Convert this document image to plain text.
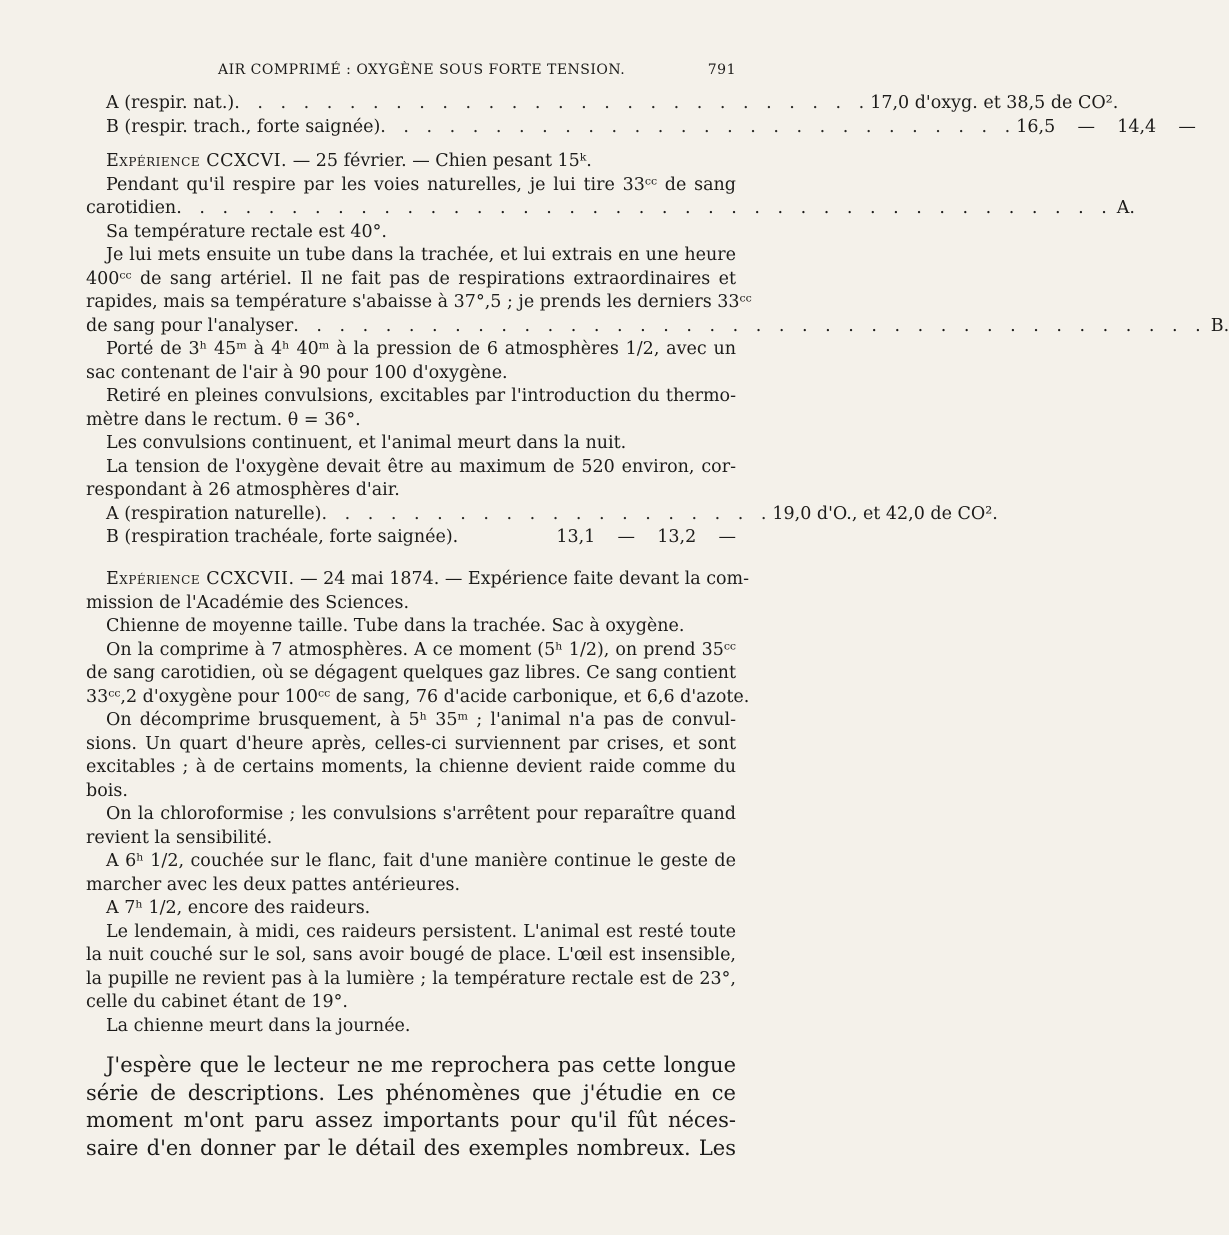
AIR COMPRIMÉ : OXYGÈNE SOUS FORTE TENSION.	791
A (respir. nat.) . . . . . . . . . . . . . . . . . . . . . . . . . . . . 17,0 d'oxyg. et 38,5 de CO².
B (respir. trach., forte saignée) . . . . . . . . . . . . . . . . . . . . . . . . . . . . 16,5    —    14,4    —
Expérience CCXCVI. — 25 février. — Chien pesant 15ᵏ.
Pendant qu'il respire par les voies naturelles, je lui tire 33ᶜᶜ de sang
carotidien . . . . . . . . . . . . . . . . . . . . . . . . . . . . . . . . . . . . . . . . . A.
Sa température rectale est 40°.
Je lui mets ensuite un tube dans la trachée, et lui extrais en une heure
400ᶜᶜ de sang artériel. Il ne fait pas de respirations extraordinaires et
rapides, mais sa température s'abaisse à 37°,5 ; je prends les derniers 33ᶜᶜ
de sang pour l'analyser . . . . . . . . . . . . . . . . . . . . . . . . . . . . . . . . . . . . . . . . B.
Porté de 3ʰ 45ᵐ à 4ʰ 40ᵐ à la pression de 6 atmosphères 1/2, avec un
sac contenant de l'air à 90 pour 100 d'oxygène.
Retiré en pleines convulsions, excitables par l'introduction du thermo-
mètre dans le rectum. θ = 36°.
Les convulsions continuent, et l'animal meurt dans la nuit.
La tension de l'oxygène devait être au maximum de 520 environ, cor-
respondant à 26 atmosphères d'air.
A (respiration naturelle) . . . . . . . . . . . . . . . . . . . . 19,0 d'O., et 42,0 de CO².
B (respiration trachéale, forte saignée).	13,1    —    13,2    —
Expérience CCXCVII. — 24 mai 1874. — Expérience faite devant la com-
mission de l'Académie des Sciences.
Chienne de moyenne taille. Tube dans la trachée. Sac à oxygène.
On la comprime à 7 atmosphères. A ce moment (5ʰ 1/2), on prend 35ᶜᶜ
de sang carotidien, où se dégagent quelques gaz libres. Ce sang contient
33ᶜᶜ,2 d'oxygène pour 100ᶜᶜ de sang, 76 d'acide carbonique, et 6,6 d'azote.
On décomprime brusquement, à 5ʰ 35ᵐ ; l'animal n'a pas de convul-
sions. Un quart d'heure après, celles-ci surviennent par crises, et sont
excitables ; à de certains moments, la chienne devient raide comme du
bois.
On la chloroformise ; les convulsions s'arrêtent pour reparaître quand
revient la sensibilité.
A 6ʰ 1/2, couchée sur le flanc, fait d'une manière continue le geste de
marcher avec les deux pattes antérieures.
A 7ʰ 1/2, encore des raideurs.
Le lendemain, à midi, ces raideurs persistent. L'animal est resté toute
la nuit couché sur le sol, sans avoir bougé de place. L'œil est insensible,
la pupille ne revient pas à la lumière ; la température rectale est de 23°,
celle du cabinet étant de 19°.
La chienne meurt dans la journée.
J'espère que le lecteur ne me reprochera pas cette longue
série de descriptions. Les phénomènes que j'étudie en ce
moment m'ont paru assez importants pour qu'il fût néces-
saire d'en donner par le détail des exemples nombreux. Les
